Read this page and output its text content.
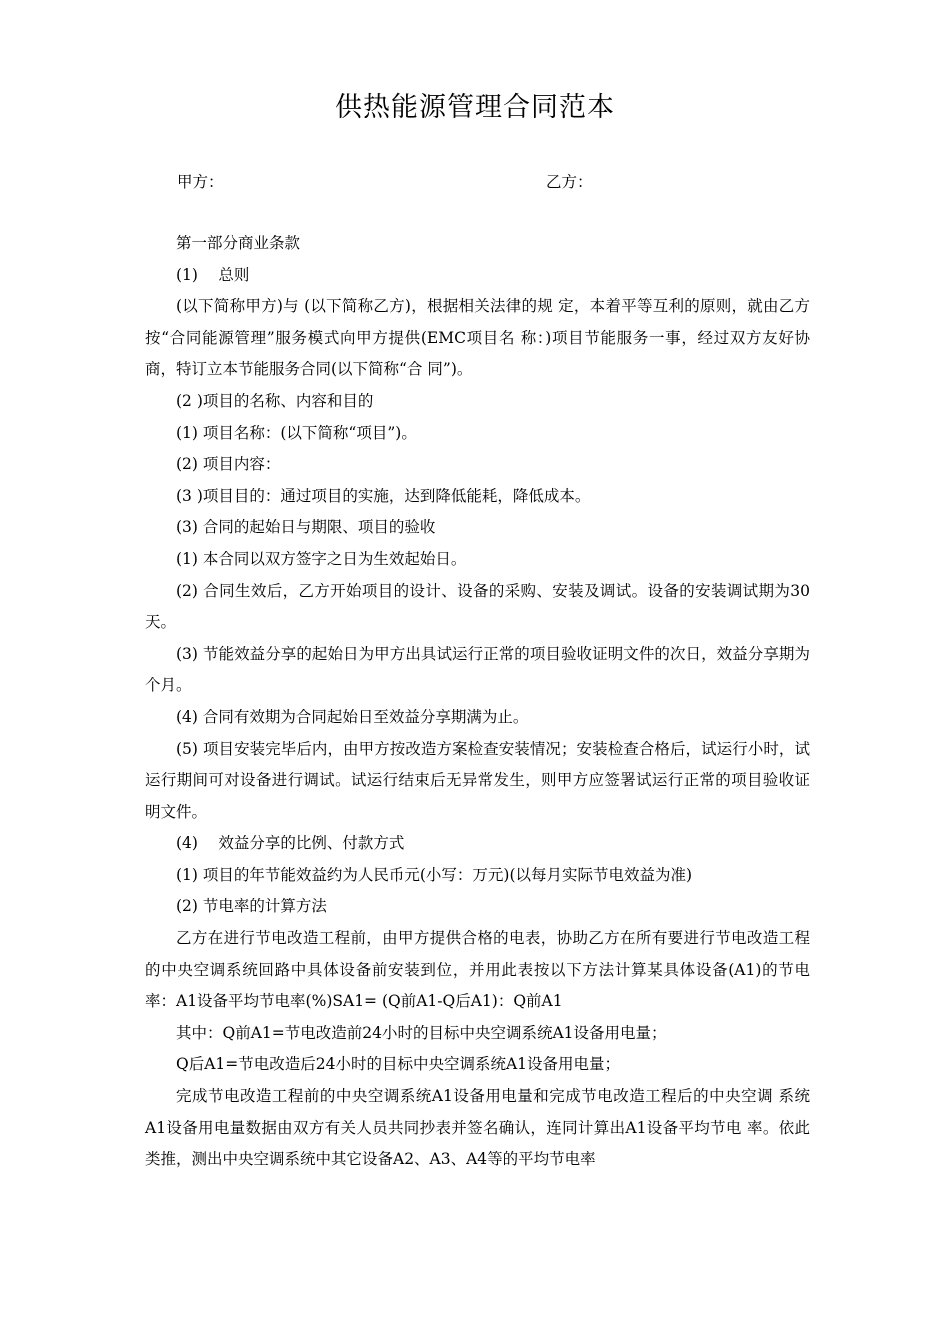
供热能源管理合同范本
甲方：	乙方：

第一部分商业条款

(1)　 总则

(以下简称甲方)与 (以下简称乙方)，根据相关法律的规 定，本着平等互利的原则，就由乙方按“合同能源管理”服务模式向甲方提供(EMC项目名 称：)项目节能服务一事，经过双方友好协商，特订立本节能服务合同(以下简称“合 同”)。

(2 )项目的名称、内容和目的

(1) 项目名称：(以下简称“项目”)。

(2) 项目内容：

(3 )项目目的：通过项目的实施，达到降低能耗，降低成本。

(3) 合同的起始日与期限、项目的验收

(1) 本合同以双方签字之日为生效起始日。

(2) 合同生效后，乙方开始项目的设计、设备的采购、安装及调试。设备的安装调试期为30天。

(3) 节能效益分享的起始日为甲方出具试运行正常的项目验收证明文件的次日，效益分享期为个月。

(4) 合同有效期为合同起始日至效益分享期满为止。

(5) 项目安装完毕后内，由甲方按改造方案检查安装情况；安装检查合格后，试运行小时，试运行期间可对设备进行调试。试运行结束后无异常发生，则甲方应签署试运行正常的项目验收证明文件。

(4)　 效益分享的比例、付款方式

(1) 项目的年节能效益约为人民币元(小写：万元)(以每月实际节电效益为准)

(2) 节电率的计算方法

乙方在进行节电改造工程前，由甲方提供合格的电表，协助乙方在所有要进行节电改造工程的中央空调系统回路中具体设备前安装到位，并用此表按以下方法计算某具体设备(A1)的节电率：A1设备平均节电率(%)SA1= (Q前A1-Q后A1)：Q前A1

其中：Q前A1=节电改造前24小时的目标中央空调系统A1设备用电量；

Q后A1=节电改造后24小时的目标中央空调系统A1设备用电量；

完成节电改造工程前的中央空调系统A1设备用电量和完成节电改造工程后的中央空调 系统A1设备用电量数据由双方有关人员共同抄表并签名确认，连同计算出A1设备平均节电 率。依此类推，测出中央空调系统中其它设备A2、A3、A4等的平均节电率
